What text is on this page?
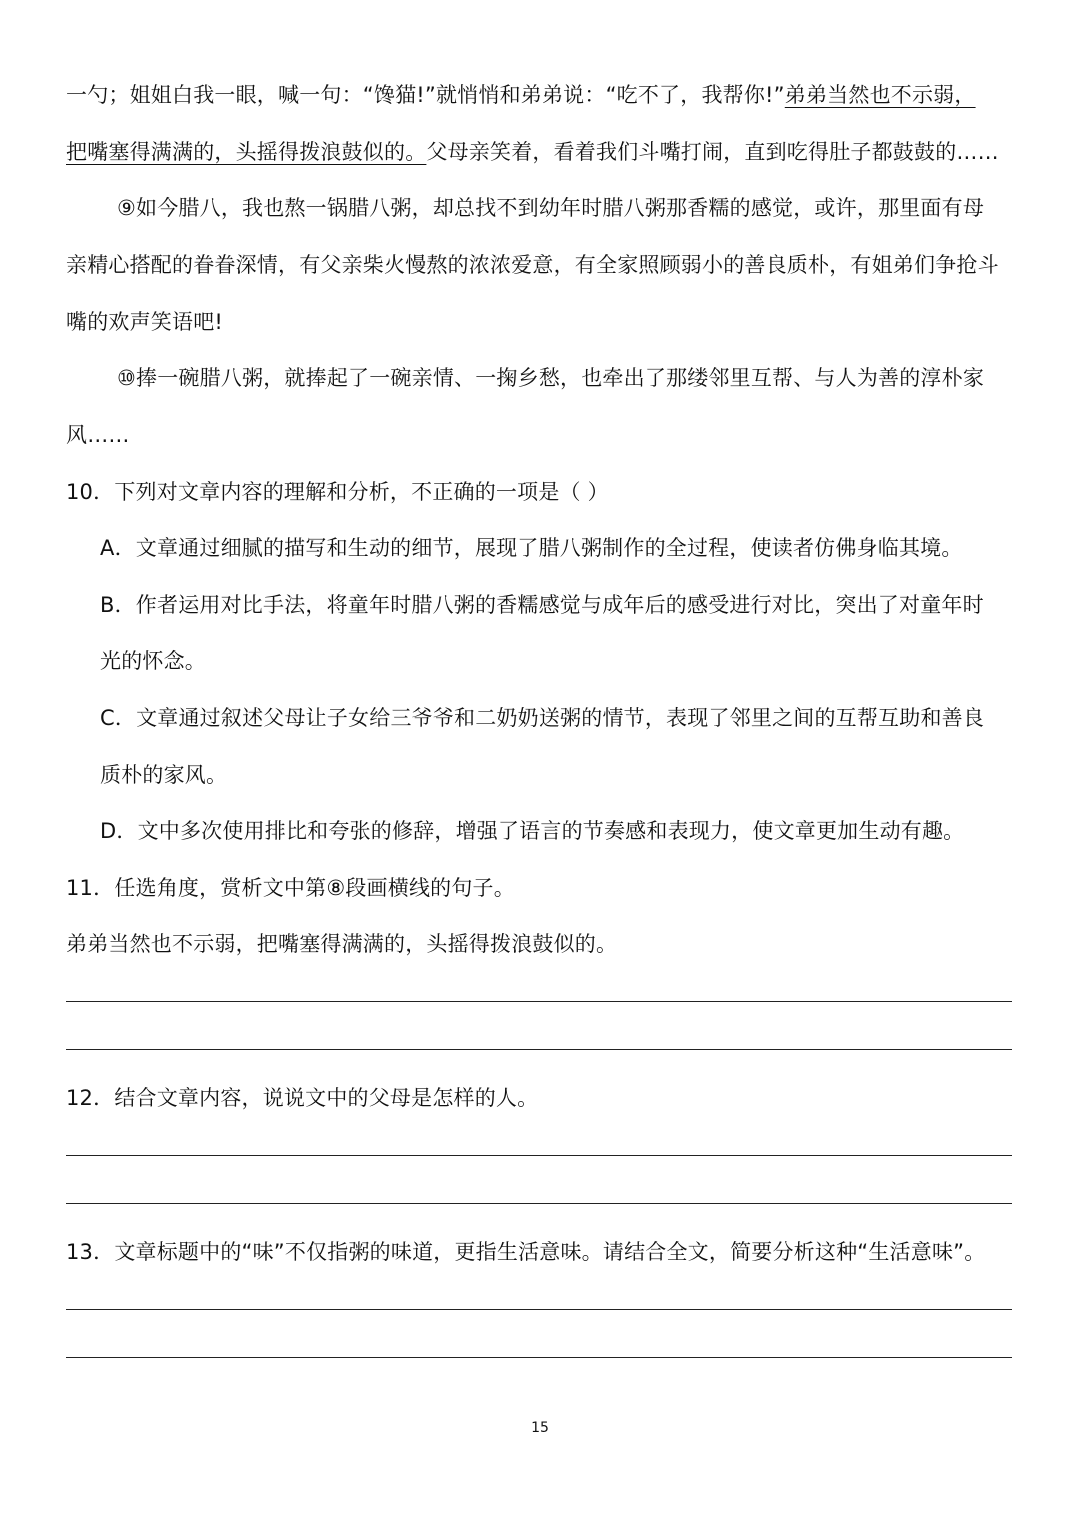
一勺；姐姐白我一眼，喊一句：“馋猫!”就悄悄和弟弟说：“吃不了，我帮你!”弟弟当然也不示弱，
把嘴塞得满满的，头摇得拨浪鼓似的。父母亲笑着，看着我们斗嘴打闹，直到吃得肚子都鼓鼓的……
⑨如今腊八，我也熬一锅腊八粥，却总找不到幼年时腊八粥那香糯的感觉，或许，那里面有母
亲精心搭配的眷眷深情，有父亲柴火慢熬的浓浓爱意，有全家照顾弱小的善良质朴，有姐弟们争抢斗
嘴的欢声笑语吧!
⑩捧一碗腊八粥，就捧起了一碗亲情、一掬乡愁，也牵出了那缕邻里互帮、与人为善的淳朴家
风……
10．下列对文章内容的理解和分析，不正确的一项是（ ）
A．文章通过细腻的描写和生动的细节，展现了腊八粥制作的全过程，使读者仿佛身临其境。
B．作者运用对比手法，将童年时腊八粥的香糯感觉与成年后的感受进行对比，突出了对童年时
光的怀念。
C．文章通过叙述父母让子女给三爷爷和二奶奶送粥的情节，表现了邻里之间的互帮互助和善良
质朴的家风。
D．文中多次使用排比和夸张的修辞，增强了语言的节奏感和表现力，使文章更加生动有趣。
11．任选角度，赏析文中第⑧段画横线的句子。
弟弟当然也不示弱，把嘴塞得满满的，头摇得拨浪鼓似的。
12．结合文章内容，说说文中的父母是怎样的人。
13．文章标题中的“味”不仅指粥的味道，更指生活意味。请结合全文，简要分析这种“生活意味”。
15
